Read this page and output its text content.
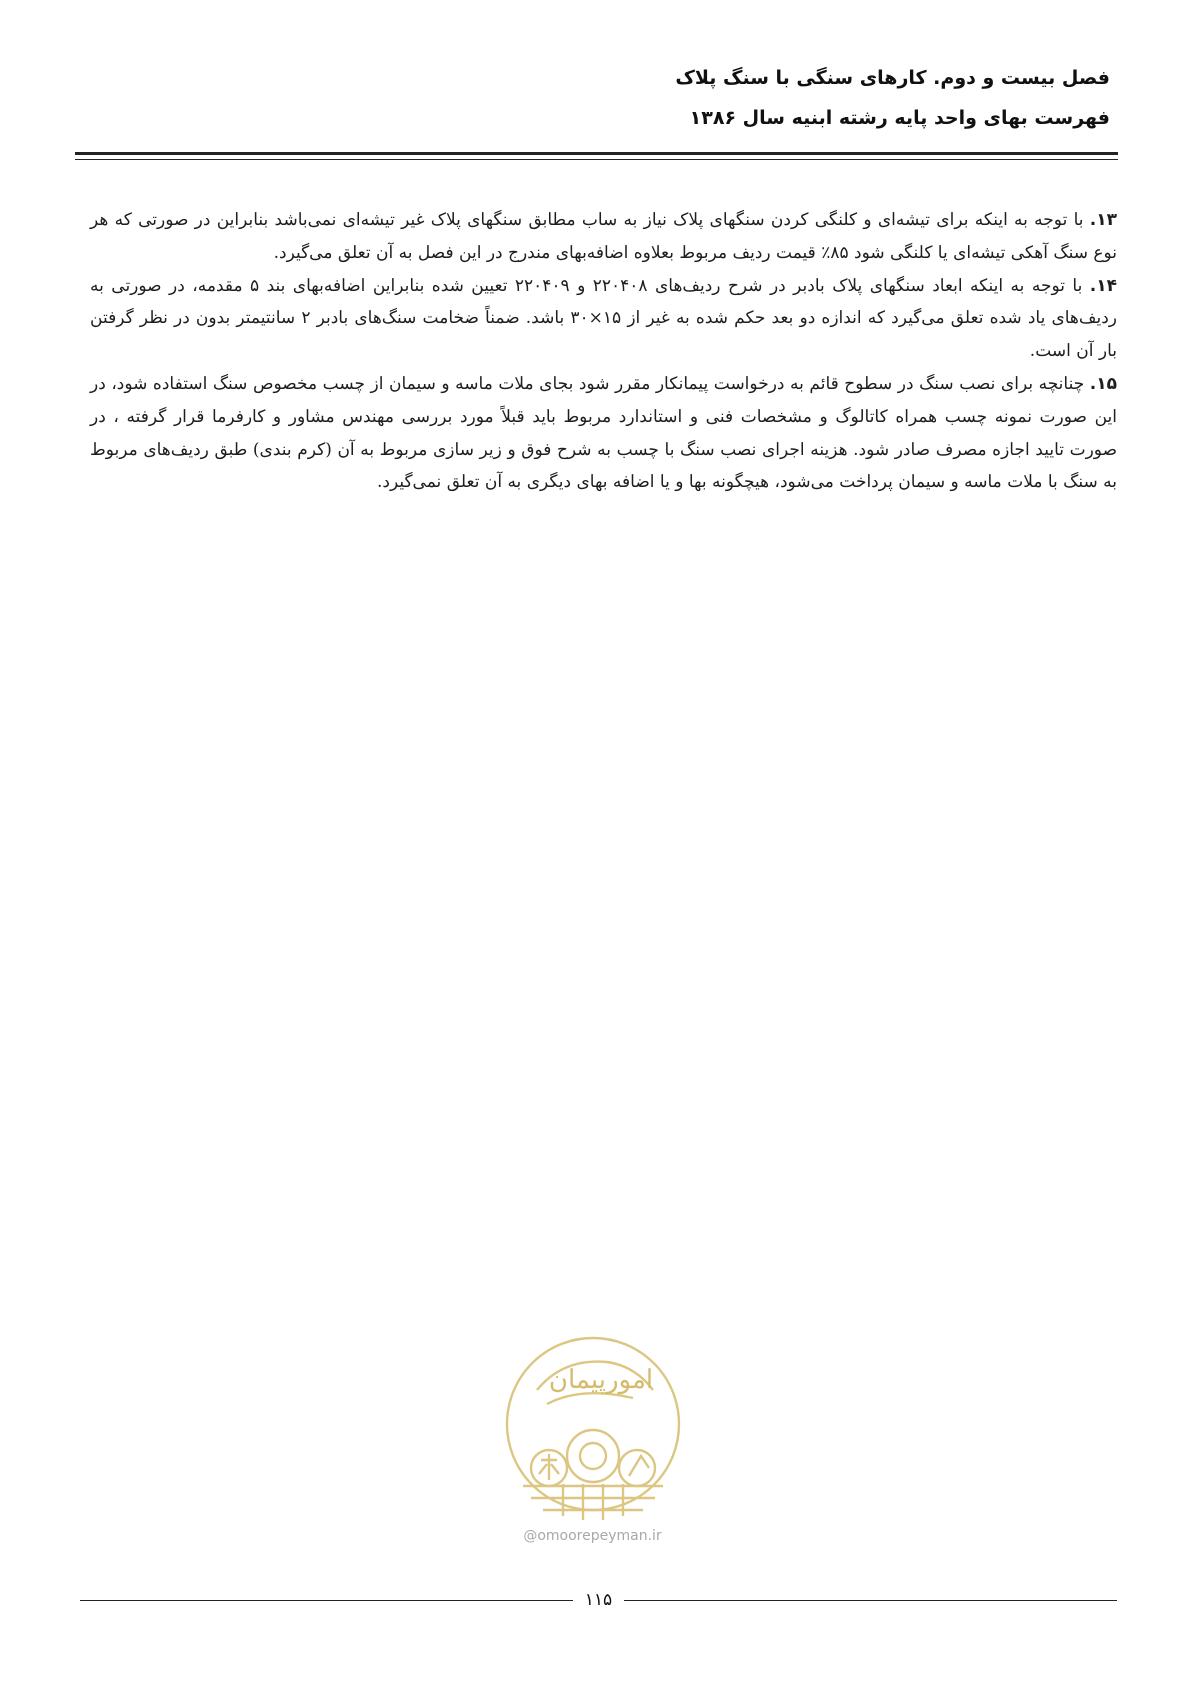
فصل بیست و دوم. کارهای سنگی با سنگ پلاک
فهرست بهای واحد پایه رشته ابنیه سال ۱۳۸۶

۱۳. با توجه به اینکه برای تیشه‌ای و کلنگی کردن سنگهای پلاک نیاز به ساب مطابق سنگهای پلاک غیر تیشه‌ای نمی‌باشد بنابراین در صورتی که هر نوع سنگ آهکی تیشه‌ای یا کلنگی شود ۸۵٪ قیمت ردیف مربوط بعلاوه اضافه‌بهای مندرج در این فصل به آن تعلق می‌گیرد.

۱۴. با توجه به اینکه ابعاد سنگهای پلاک بادبر در شرح ردیف‌های ۲۲۰۴۰۸ و ۲۲۰۴۰۹ تعیین شده بنابراین اضافه‌بهای بند ۵ مقدمه، در صورتی به ردیف‌های یاد شده تعلق می‌گیرد که اندازه دو بعد حکم شده به غیر از ۱۵×۳۰ باشد. ضمناً ضخامت سنگ‌های بادبر ۲ سانتیمتر بدون در نظر گرفتن بار آن است.

۱۵. چنانچه برای نصب سنگ در سطوح قائم به درخواست پیمانکار مقرر شود بجای ملات ماسه و سیمان از چسب مخصوص سنگ استفاده شود، در این صورت نمونه چسب همراه کاتالوگ و مشخصات فنی و استاندارد مربوط باید قبلاً مورد بررسی مهندس مشاور و کارفرما قرار گرفته ، در صورت تایید اجازه مصرف صادر شود. هزینه اجرای نصب سنگ با چسب به شرح فوق و زیر سازی مربوط به آن (کرم بندی) طبق ردیف‌های مربوط به سنگ با ملات ماسه و سیمان پرداخت می‌شود، هیچگونه بها و یا اضافه بهای دیگری به آن تعلق نمی‌گیرد.

امورپیمان
@omoorepeyman.ir
۱۱۵
